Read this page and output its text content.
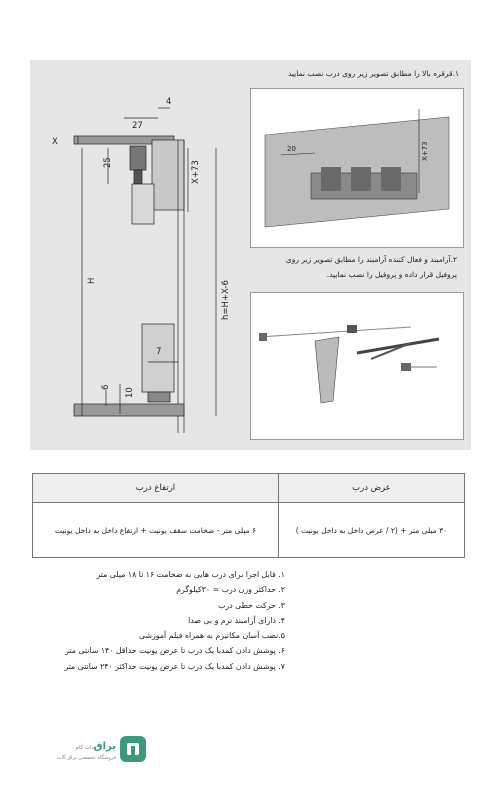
4
27
X
25	X+73
H	h=H+X-6
7
6 10
۱.قرقره بالا را مطابق تصویر زیر روی درب نصب نمایید
20	X+73
۲.آرامبند و فعال کننده آرامبند را مطابق تصویر زیر روی
پروفیل قرار داده و پروفیل را نصب نمایید.
عرض درب	ارتفاع درب
۳۰ میلی متر + (۲ / عرض داخل به داخل یونیت )	۶ میلی متر - ضخامت سقف یونیت + ارتفاع داخل به داخل یونیت
۱. قابل اجرا برای درب هایی به ضخامت ۱۶ تا ۱۸ میلی متر
۲. حداکثر وزن درب = ۳۰کیلوگرم
۳. حرکت خطی درب
۴. دارای آرامبند نرم و بی صدا
۵.نصب آسان مکانیزم به همراه فیلم آموزشی
۶. پوشش دادن کمدبا یک درب تا عرض یونیت حداقل ۱۴۰ سانتی متر
۷. پوشش دادن کمدبا یک درب تا عرض یونیت حداکثر ۲۴۰ سانتی متر
یراق
دات کام
فروشگاه تخصصی یراق آلات
